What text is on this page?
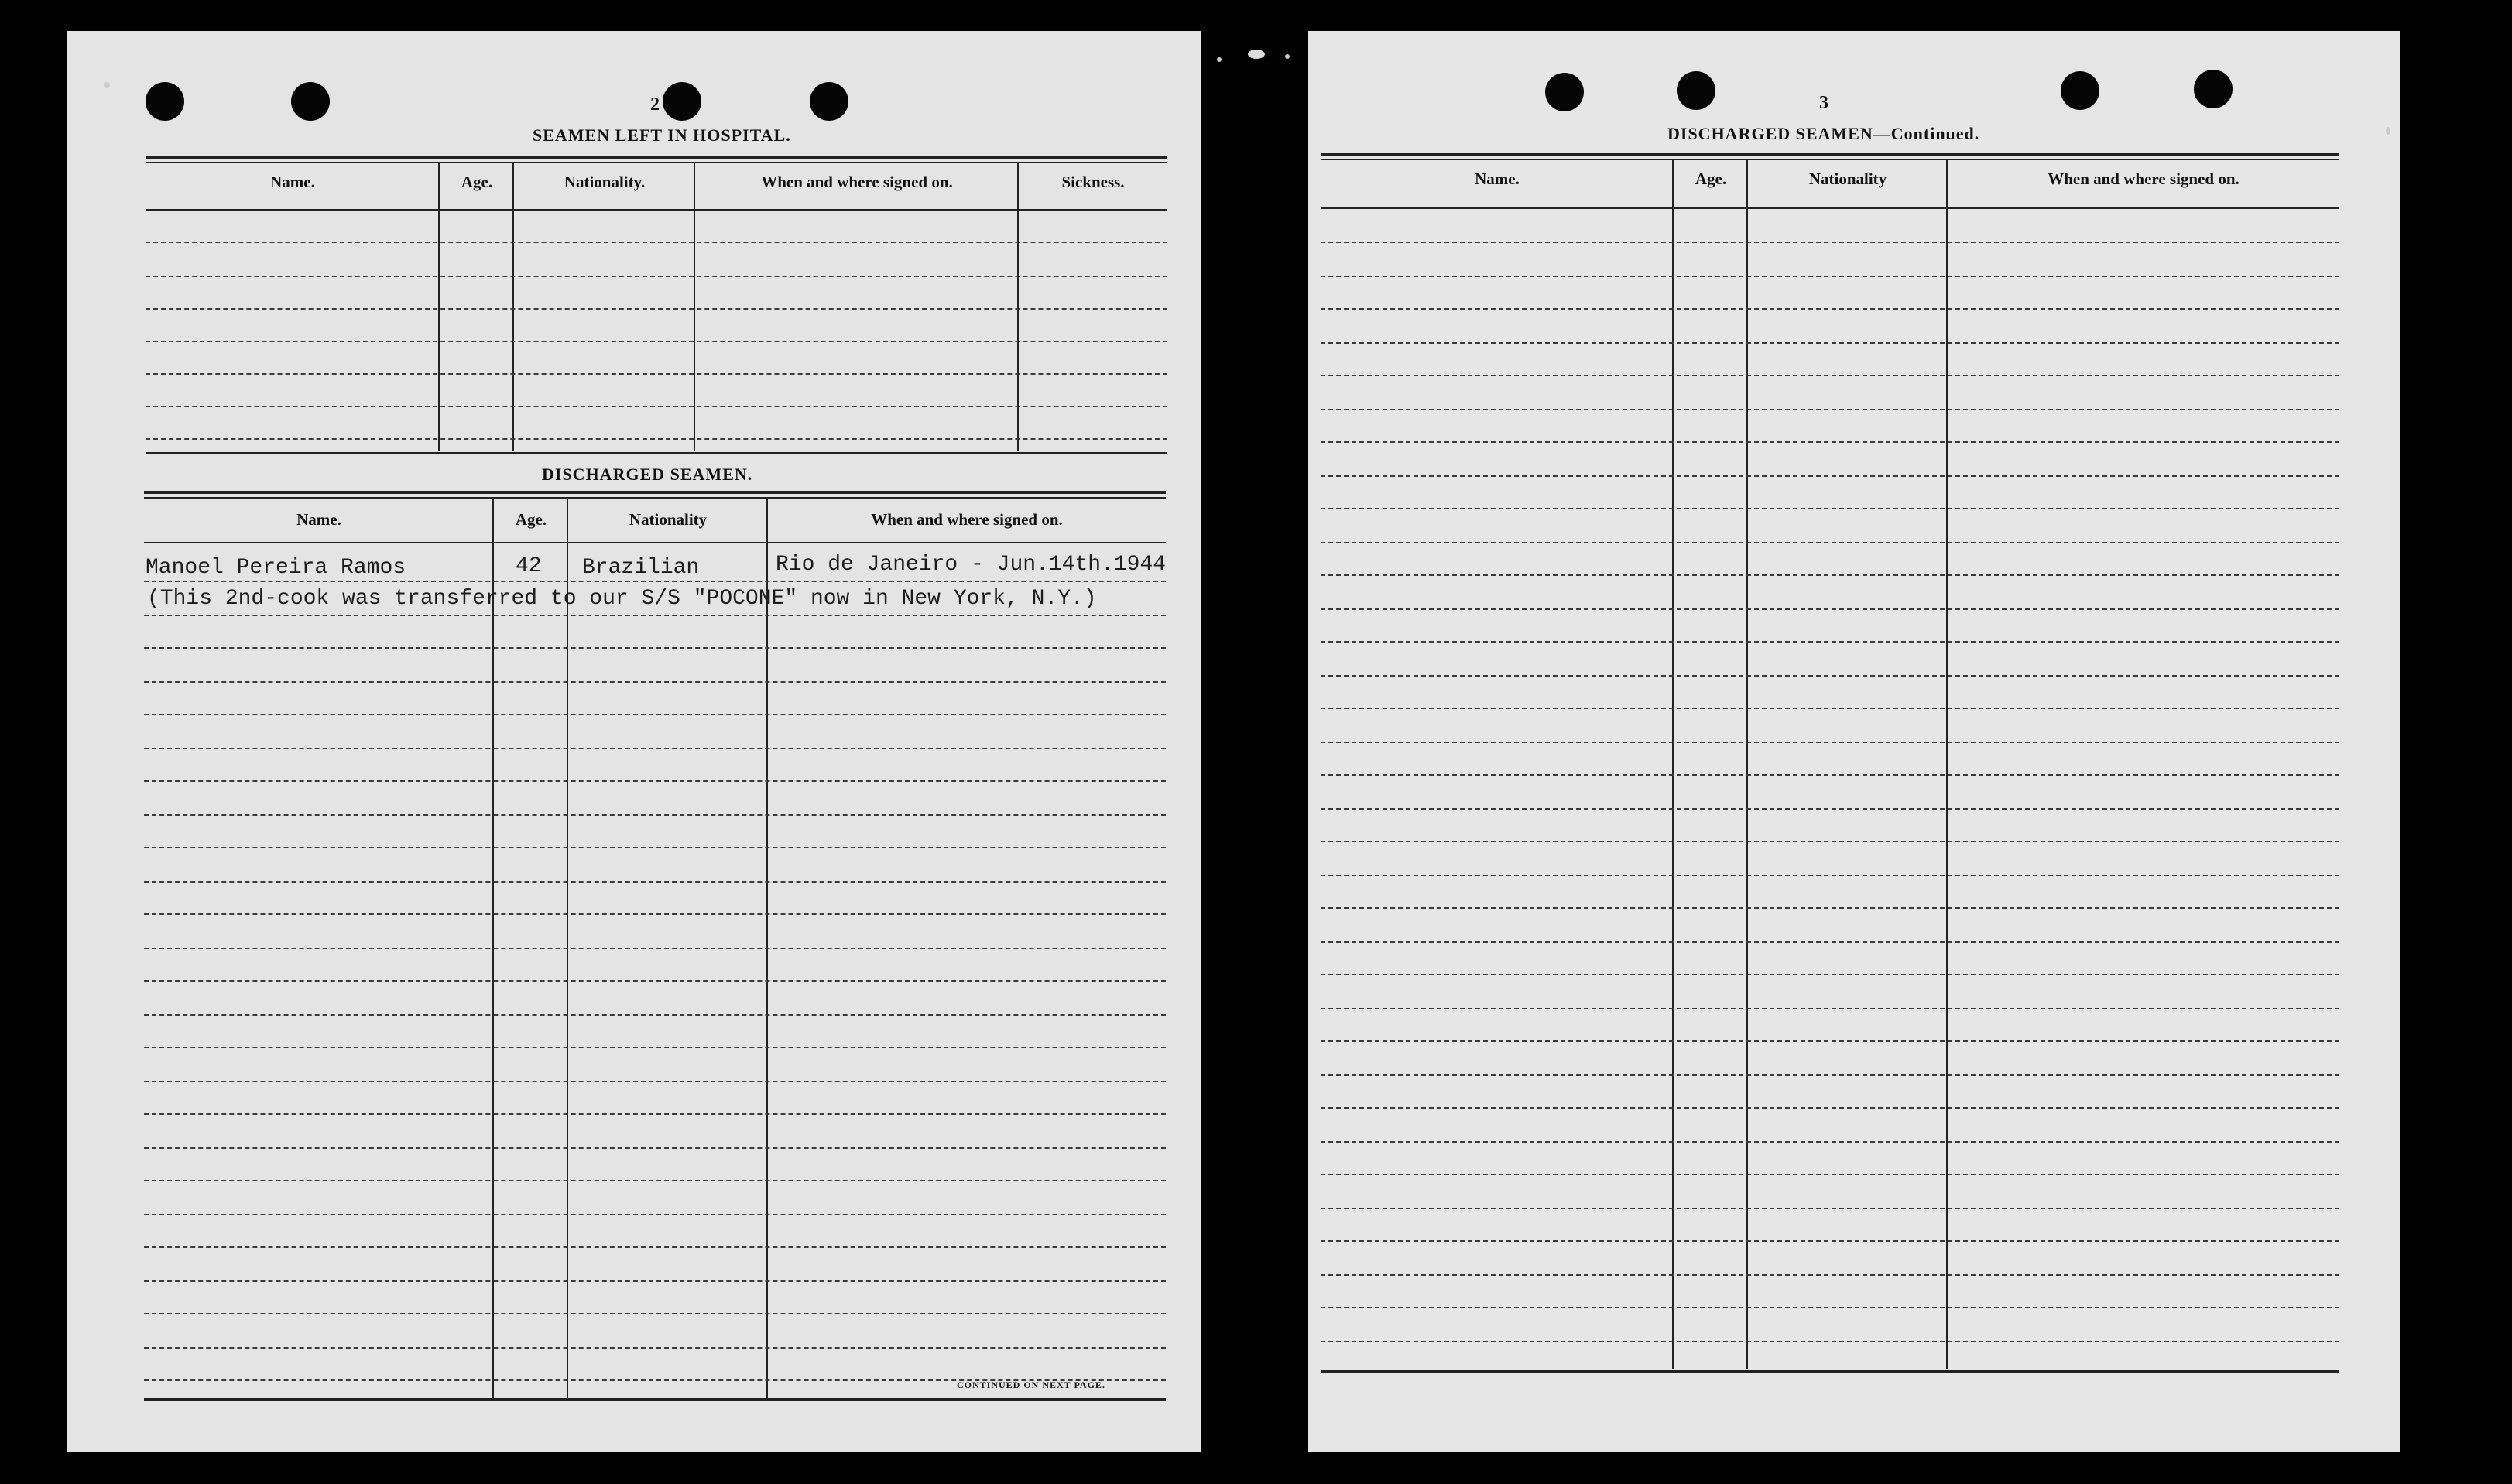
2
SEAMEN LEFT IN HOSPITAL.
Name.	Age.	Nationality.	When and where signed on.	Sickness.
DISCHARGED SEAMEN.
Name.	Age.	Nationality	When and where signed on.
Manoel Pereira Ramos	42 Brazilian	Rio de Janeiro - Jun.14th.1944
(This 2nd-cook was transferred to our S/S "POCONE" now in New York, N.Y.)
CONTINUED ON NEXT PAGE.
3
DISCHARGED SEAMEN—Continued.
Name.	Age.	Nationality	When and where signed on.
